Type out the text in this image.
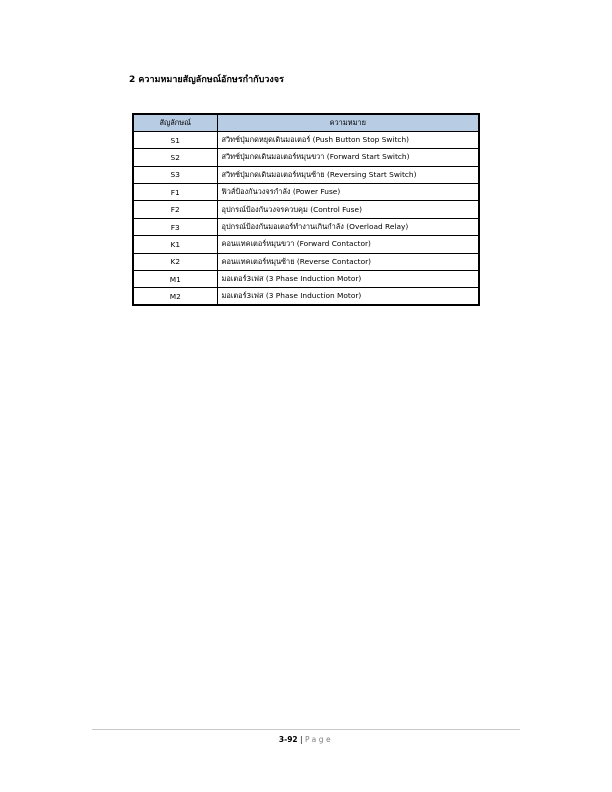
2 ความหมายสัญลักษณ์อักษรกำกับวงจร
สัญลักษณ์	ความหมาย
S1	สวิทช์ปุ่มกดหยุดเดินมอเตอร์ (Push Button Stop Switch)
S2	สวิทช์ปุ่มกดเดินมอเตอร์หมุนขวา (Forward Start Switch)
S3	สวิทช์ปุ่มกดเดินมอเตอร์หมุนซ้าย (Reversing Start Switch)
F1	ฟิวส์ป้องกันวงจรกำลัง (Power Fuse)
F2	อุปกรณ์ป้องกันวงจรควบคุม (Control Fuse)
F3	อุปกรณ์ป้องกันมอเตอร์ทำงานเกินกำลัง (Overload Relay)
K1	คอนแทคเตอร์หมุนขวา (Forward Contactor)
K2	คอนแทคเตอร์หมุนซ้าย (Reverse Contactor)
M1	มอเตอร์3เฟส (3 Phase Induction Motor)
M2	มอเตอร์3เฟส (3 Phase Induction Motor)
3-92 | Page
